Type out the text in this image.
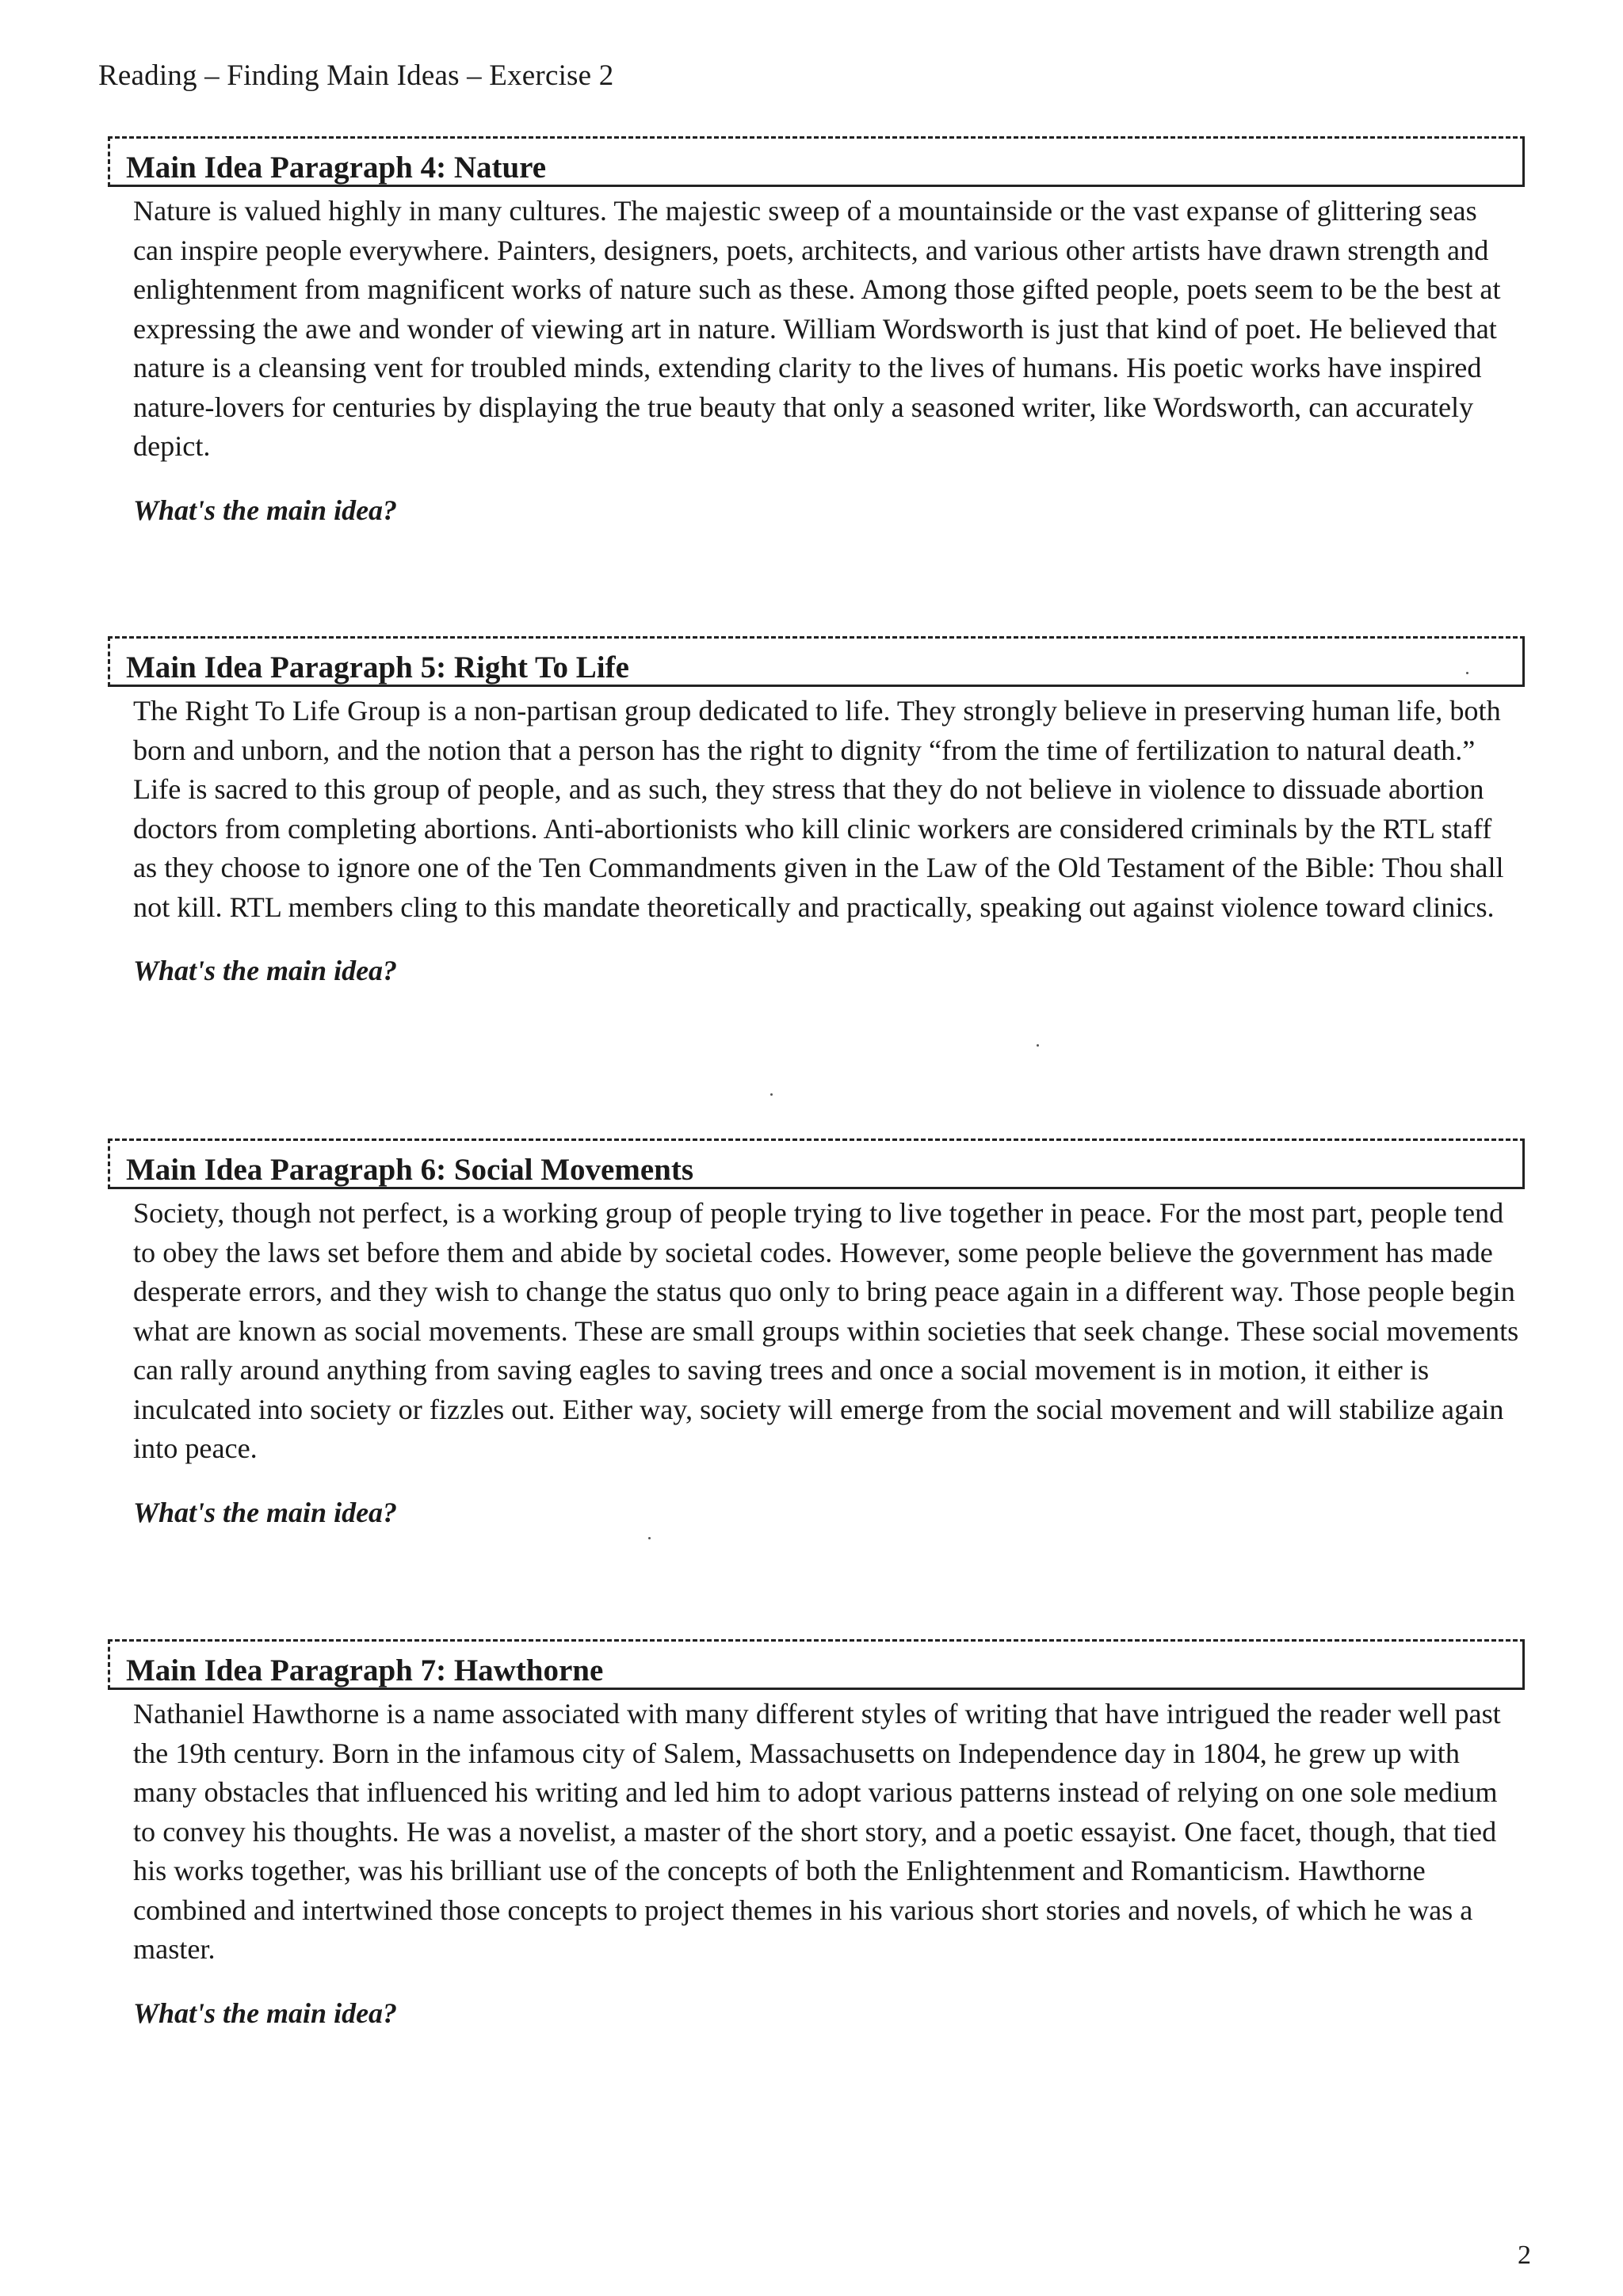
Reading – Finding Main Ideas – Exercise 2
Main Idea Paragraph 4: Nature
Nature is valued highly in many cultures. The majestic sweep of a mountainside or the vast expanse of glittering seas can inspire people everywhere. Painters, designers, poets, architects, and various other artists have drawn strength and enlightenment from magnificent works of nature such as these. Among those gifted people, poets seem to be the best at expressing the awe and wonder of viewing art in nature. William Wordsworth is just that kind of poet. He believed that nature is a cleansing vent for troubled minds, extending clarity to the lives of humans. His poetic works have inspired nature-lovers for centuries by displaying the true beauty that only a seasoned writer, like Wordsworth, can accurately depict.
What's the main idea?
Main Idea Paragraph 5: Right To Life
The Right To Life Group is a non-partisan group dedicated to life. They strongly believe in preserving human life, both born and unborn, and the notion that a person has the right to dignity “from the time of fertilization to natural death.” Life is sacred to this group of people, and as such, they stress that they do not believe in violence to dissuade abortion doctors from completing abortions. Anti-abortionists who kill clinic workers are considered criminals by the RTL staff as they choose to ignore one of the Ten Commandments given in the Law of the Old Testament of the Bible: Thou shall not kill. RTL members cling to this mandate theoretically and practically, speaking out against violence toward clinics.
What's the main idea?
Main Idea Paragraph 6: Social Movements
Society, though not perfect, is a working group of people trying to live together in peace. For the most part, people tend to obey the laws set before them and abide by societal codes. However, some people believe the government has made desperate errors, and they wish to change the status quo only to bring peace again in a different way. Those people begin what are known as social movements. These are small groups within societies that seek change. These social movements can rally around anything from saving eagles to saving trees and once a social movement is in motion, it either is inculcated into society or fizzles out. Either way, society will emerge from the social movement and will stabilize again into peace.
What's the main idea?
Main Idea Paragraph 7: Hawthorne
Nathaniel Hawthorne is a name associated with many different styles of writing that have intrigued the reader well past the 19th century. Born in the infamous city of Salem, Massachusetts on Independence day in 1804, he grew up with many obstacles that influenced his writing and led him to adopt various patterns instead of relying on one sole medium to convey his thoughts. He was a novelist, a master of the short story, and a poetic essayist. One facet, though, that tied his works together, was his brilliant use of the concepts of both the Enlightenment and Romanticism. Hawthorne combined and intertwined those concepts to project themes in his various short stories and novels, of which he was a master.
What's the main idea?
2
